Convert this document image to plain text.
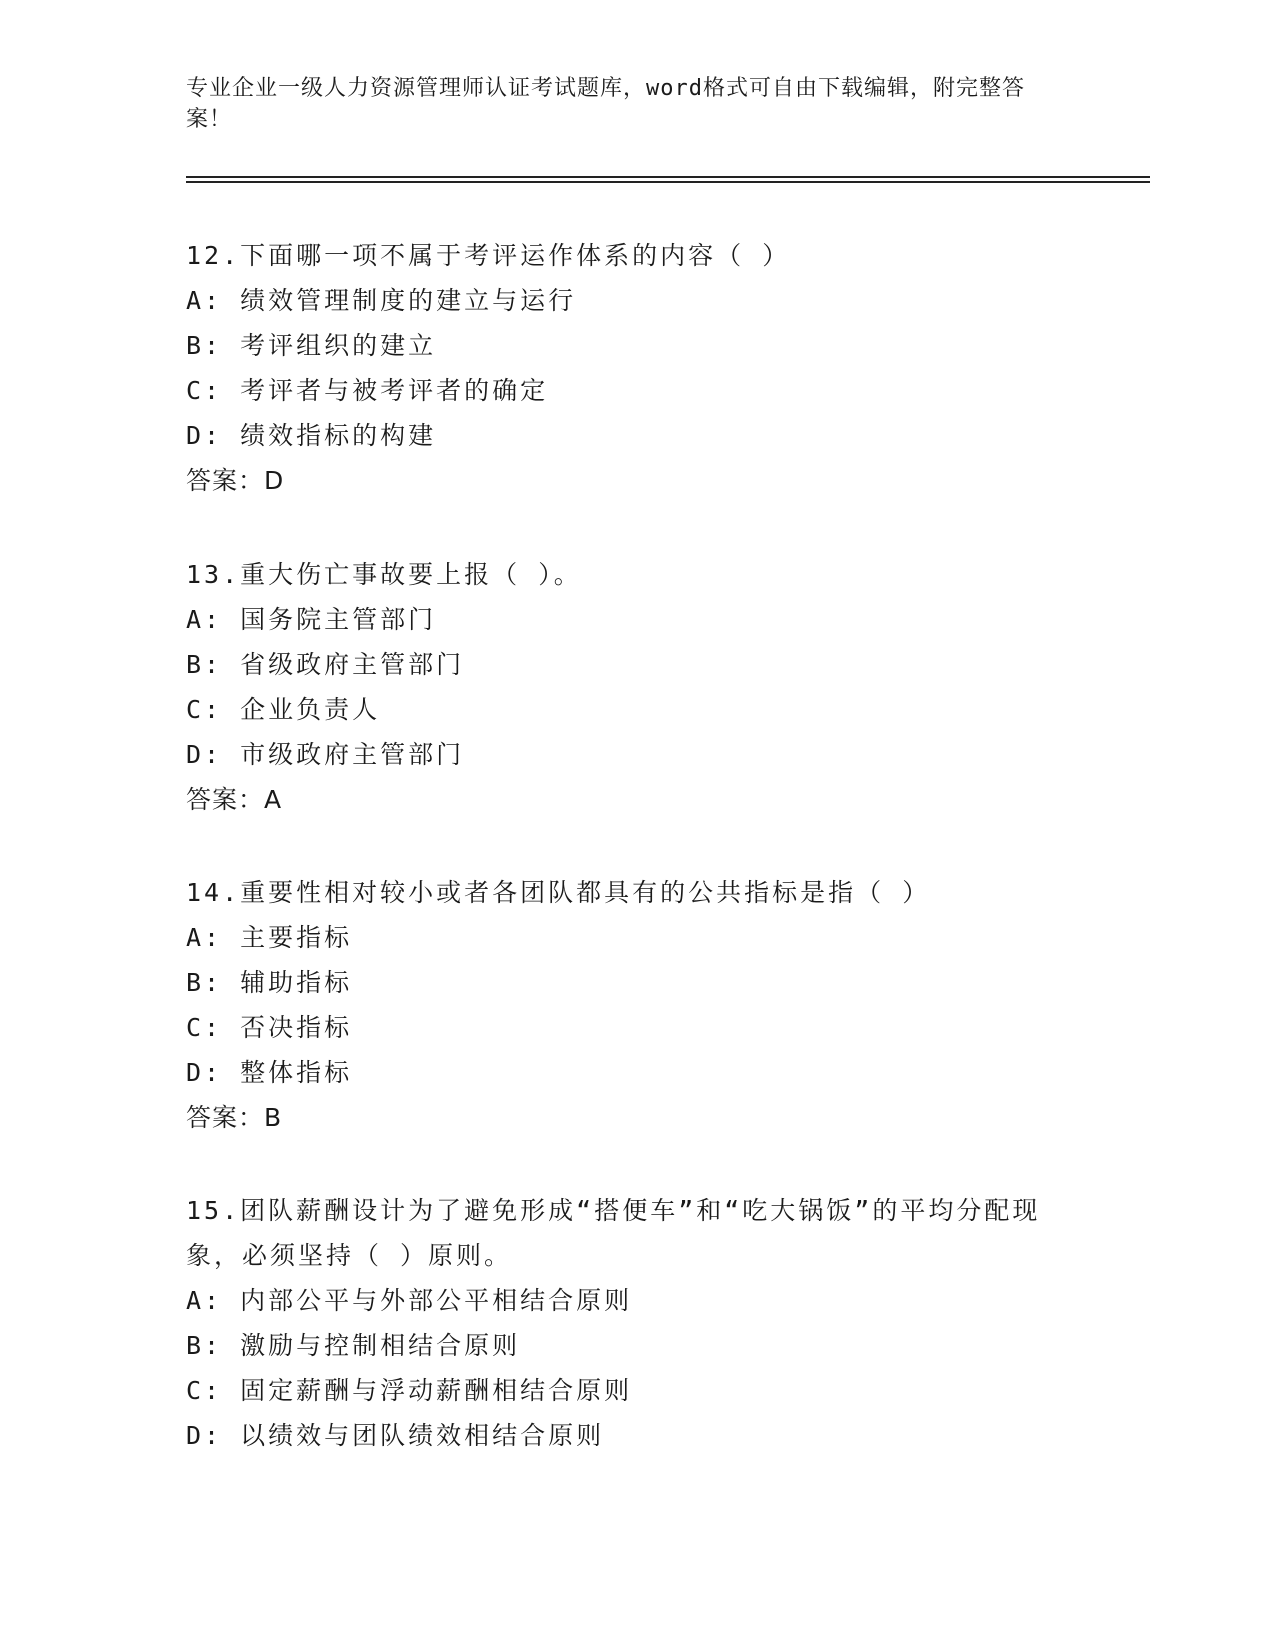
专业企业一级人力资源管理师认证考试题库，word格式可自由下载编辑，附完整答案！

12.下面哪一项不属于考评运作体系的内容（ ）

A: 绩效管理制度的建立与运行

B: 考评组织的建立

C: 考评者与被考评者的确定

D: 绩效指标的构建

答案：D

13.重大伤亡事故要上报（ ）。

A: 国务院主管部门

B: 省级政府主管部门

C: 企业负责人

D: 市级政府主管部门

答案：A

14.重要性相对较小或者各团队都具有的公共指标是指（ ）

A: 主要指标

B: 辅助指标

C: 否决指标

D: 整体指标

答案：B

15.团队薪酬设计为了避免形成“搭便车”和“吃大锅饭”的平均分配现象，必须坚持（ ）原则。

A: 内部公平与外部公平相结合原则

B: 激励与控制相结合原则

C: 固定薪酬与浮动薪酬相结合原则

D: 以绩效与团队绩效相结合原则
